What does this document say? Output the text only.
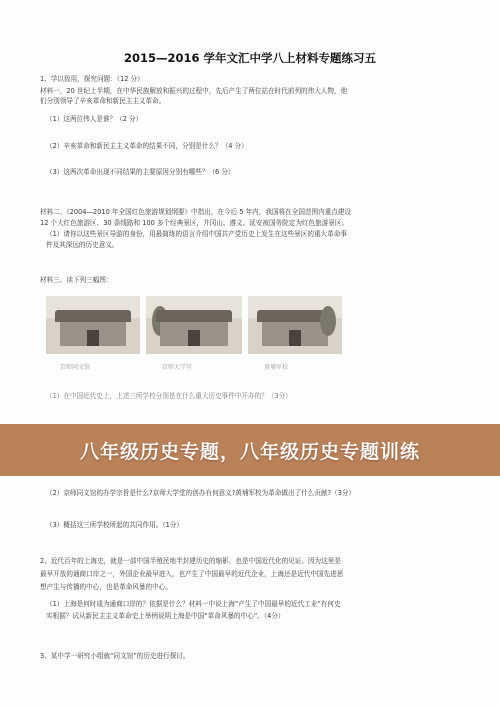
2015—2016 学年文汇中学八上材料专题练习五
1、学以致用，探究问题：（12 分）
材料一，20 世纪上半期，在中华民族解放和振兴的过程中，先后产生了两位站在时代前列的伟大人物，他
们分别领导了辛亥革命和新民主主义革命。
（1）这两位伟人是谁？（2 分）
（2）辛亥革命和新民主主义革命的结果不同，分别是什么？（4 分）
（3）这两次革命出现不同结果的主要原因分别有哪些？（6 分）
材料二、《2004—2010 年全国红色旅游规划纲要》中指出，在今后 5 年内，我国将在全国范围内重点建设
12 个大红色旅游区、30 条线路和 100 多个经典景区，井冈山、遵义、延安被国务院定为红色旅游景区。
（1）请你以这些景区导游的身份，用最简练的语言介绍中国共产党历史上发生在这些景区的重大革命事
件及其深远的历史意义。
材料三、读下列三幅图：
京师同文馆	京师大学堂	黄埔军校
（1）在中国近代史上，上述三所学校分别是在什么重大历史事件中开办的？（3分）
八年级历史专题，八年级历史专题训练
（2）京师同文馆的办学宗旨是什么?京师大学堂的创办有何意义?黄埔军校为革命做出了什么贡献?（3分）
（3）概括这三所学校所起的共同作用。（1分）
2、近代百年的上海史，就是一部中国半殖民地半封建历史的缩影，也是中国近代化的见证。因为这里是
最早开放的通商口岸之一，外国企业最早进入，也产生了中国最早的近代企业，上海还是近代中国先进思
想产生与传播的中心，也是革命风暴的中心。
（1）上海是何时成为通商口岸的？依据是什么？材料一中说上海“产生了中国最早的近代工业”有何史
实根据？试从新民主主义革命史上举例说明上海是中国“革命风暴的中心”。（4分）
3、某中学一研究小组就“同文馆”的历史进行探讨。
